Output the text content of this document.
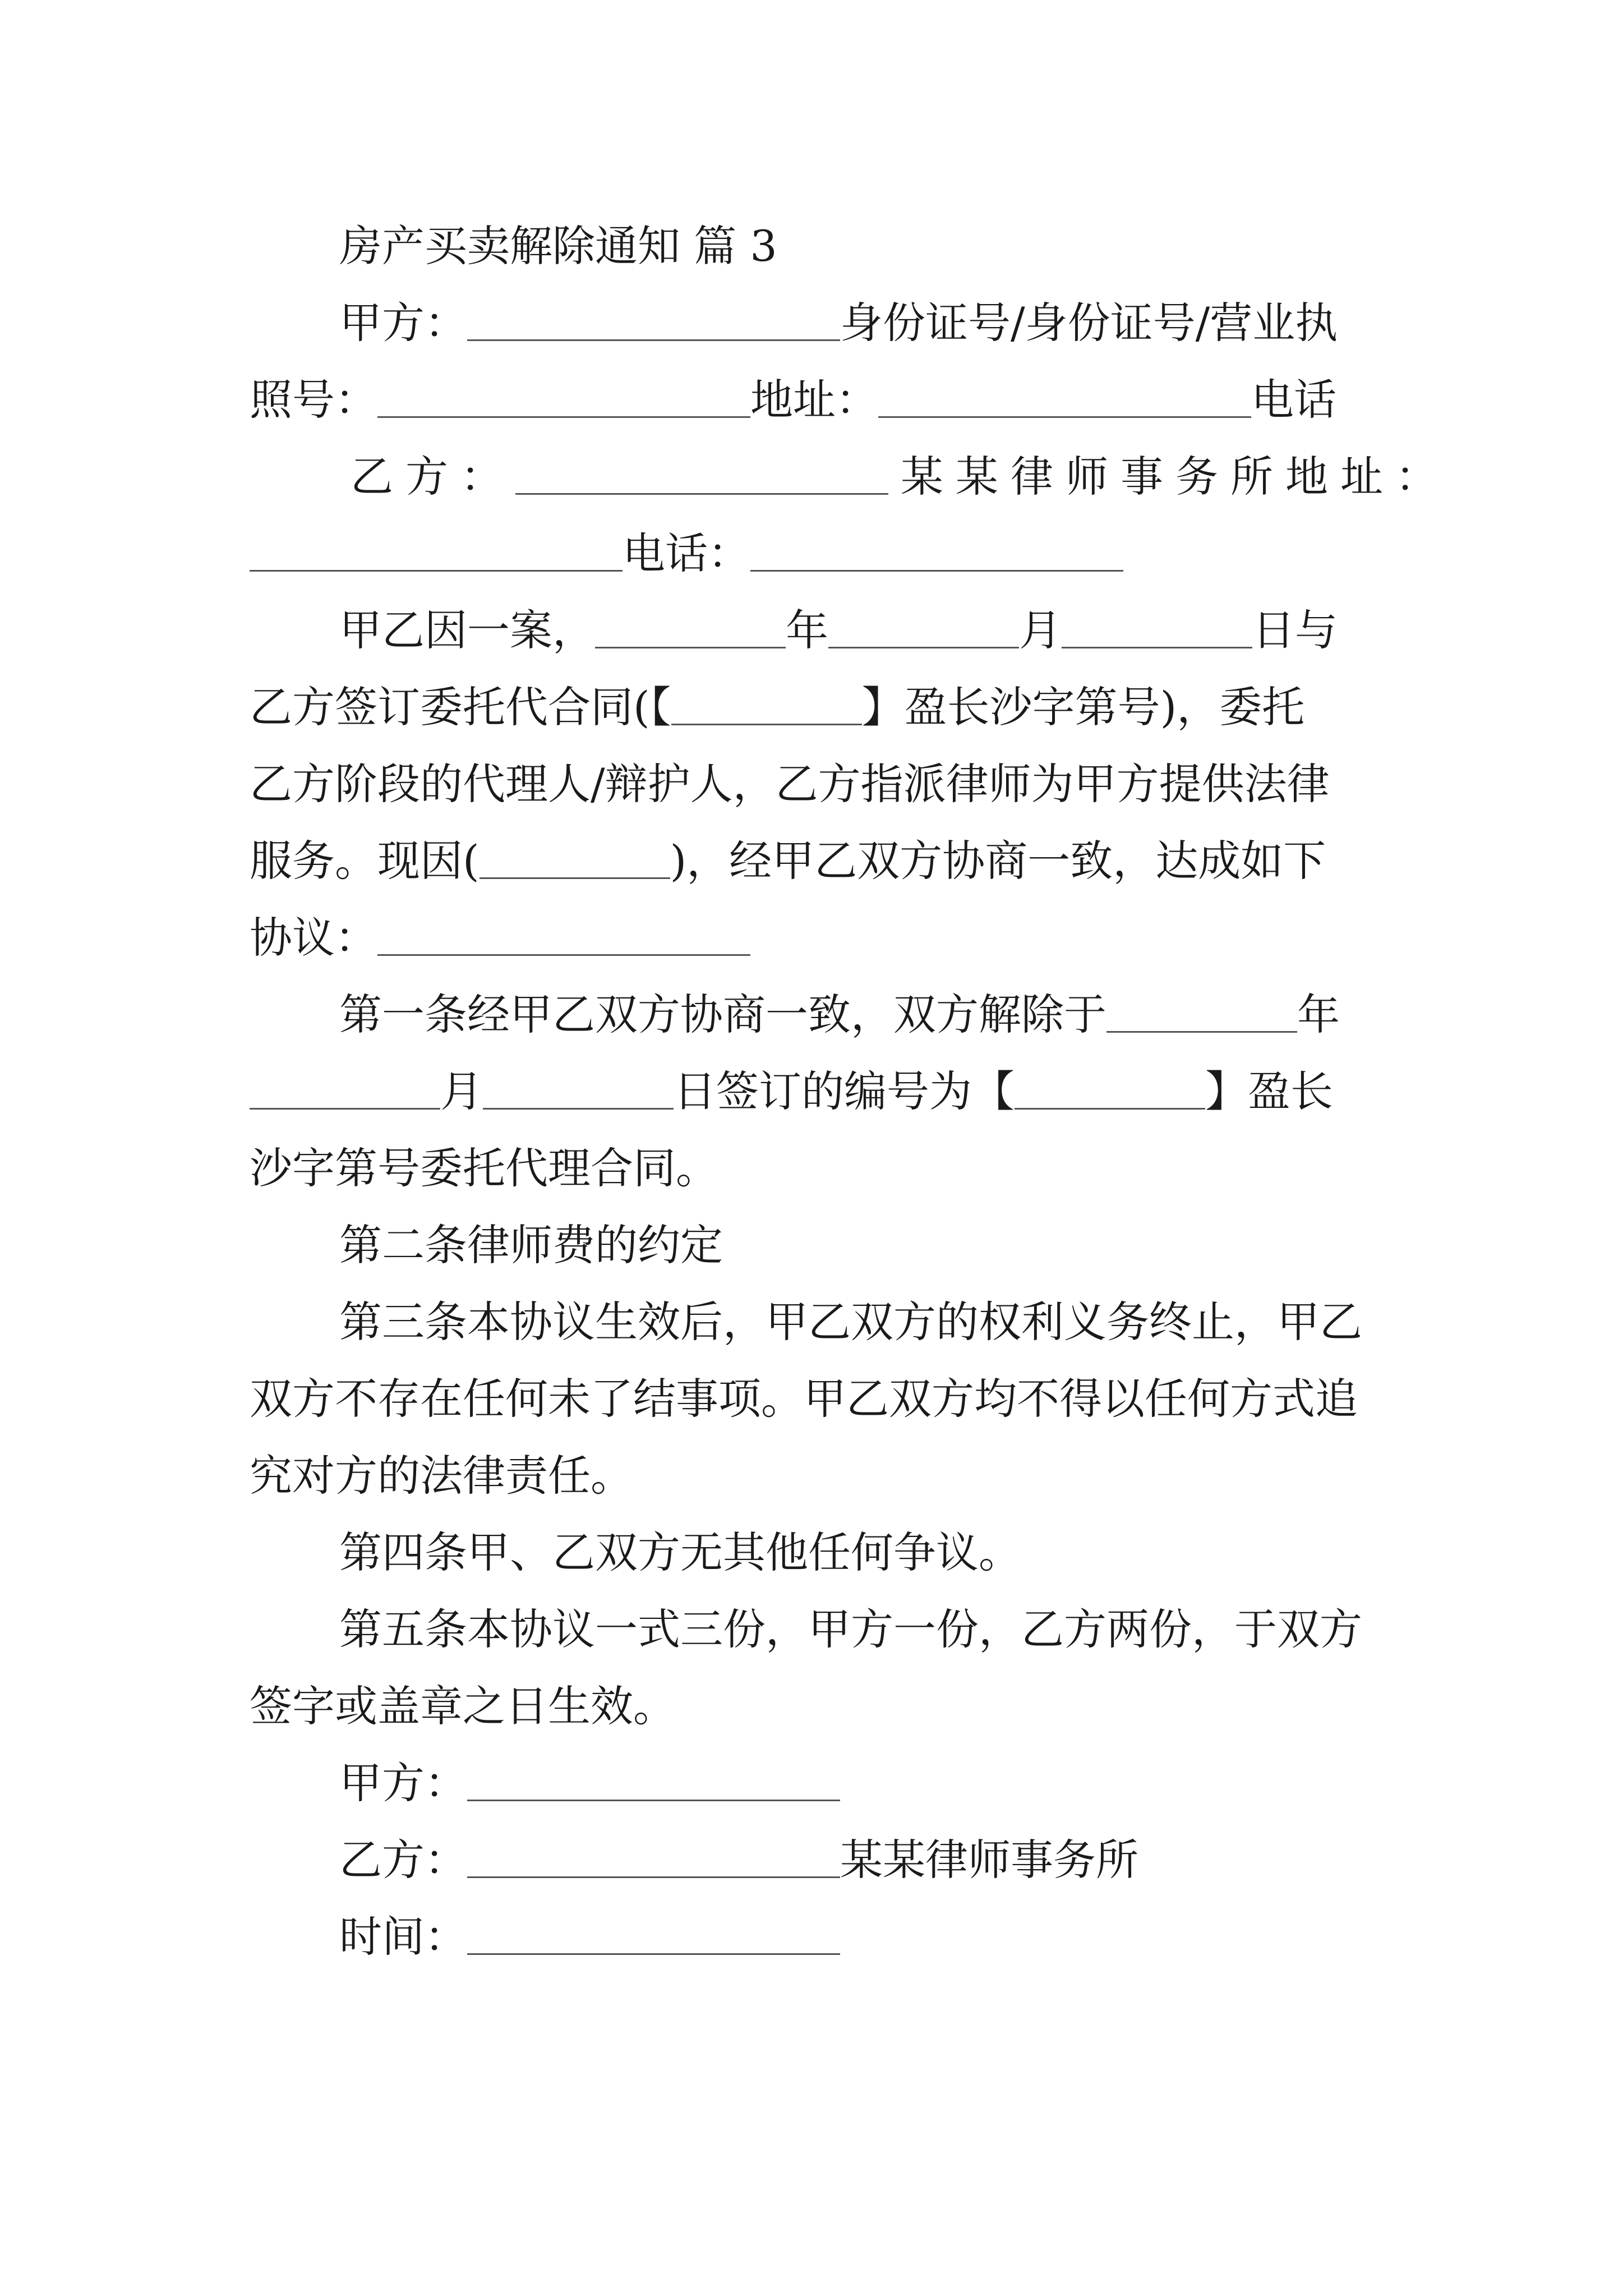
房产买卖解除通知 篇 3
甲方：	身份证号/身份证号/营业执
照号：	地址：	电话
乙方：	某某律师事务所地址：
电话：
甲乙因一案，	年	月	日与
乙方签订委托代合同(【	】盈长沙字第号)，委托
乙方阶段的代理人/辩护人，乙方指派律师为甲方提供法律
服务。现因(	)，经甲乙双方协商一致，达成如下
协议：
第一条经甲乙双方协商一致，双方解除于	年
月	日签订的编号为【	】盈长
沙字第号委托代理合同。
第二条律师费的约定
第三条本协议生效后，甲乙双方的权利义务终止，甲乙
双方不存在任何未了结事项。甲乙双方均不得以任何方式追
究对方的法律责任。
第四条甲、乙双方无其他任何争议。
第五条本协议一式三份，甲方一份，乙方两份，于双方
签字或盖章之日生效。
甲方：
乙方：	某某律师事务所
时间：
